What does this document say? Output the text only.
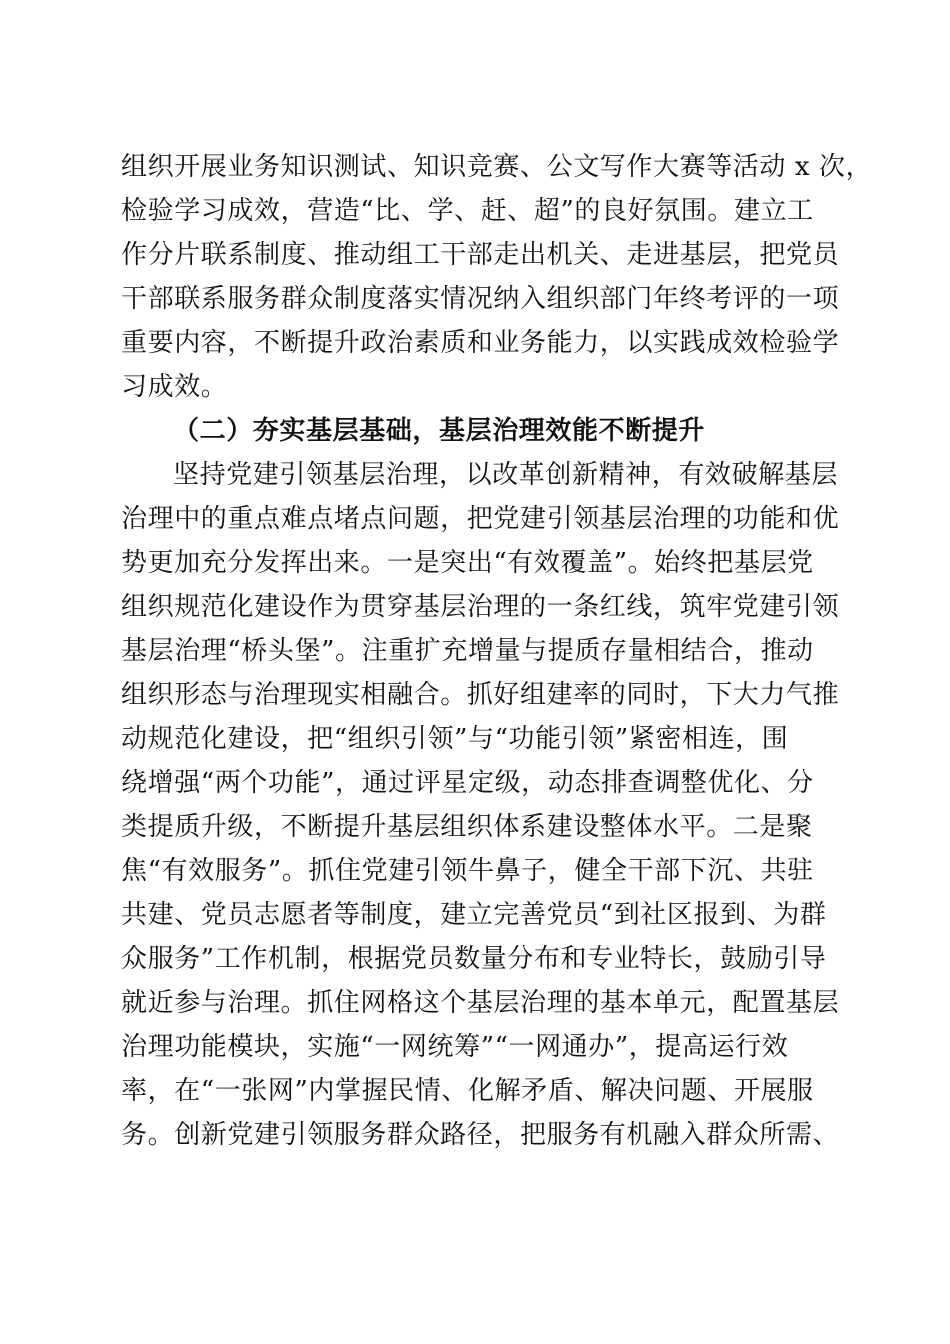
组织开展业务知识测试、知识竞赛、公文写作大赛等活动 x 次，
检验学习成效，营造“比、学、赶、超”的良好氛围。建立工
作分片联系制度、推动组工干部走出机关、走进基层，把党员
干部联系服务群众制度落实情况纳入组织部门年终考评的一项
重要内容，不断提升政治素质和业务能力，以实践成效检验学
习成效。
（二）夯实基层基础，基层治理效能不断提升
坚持党建引领基层治理，以改革创新精神，有效破解基层
治理中的重点难点堵点问题，把党建引领基层治理的功能和优
势更加充分发挥出来。一是突出“有效覆盖”。始终把基层党
组织规范化建设作为贯穿基层治理的一条红线，筑牢党建引领
基层治理“桥头堡”。注重扩充增量与提质存量相结合，推动
组织形态与治理现实相融合。抓好组建率的同时，下大力气推
动规范化建设，把“组织引领”与“功能引领”紧密相连，围
绕增强“两个功能”，通过评星定级，动态排查调整优化、分
类提质升级，不断提升基层组织体系建设整体水平。二是聚
焦“有效服务”。抓住党建引领牛鼻子，健全干部下沉、共驻
共建、党员志愿者等制度，建立完善党员“到社区报到、为群
众服务”工作机制，根据党员数量分布和专业特长，鼓励引导
就近参与治理。抓住网格这个基层治理的基本单元，配置基层
治理功能模块，实施“一网统筹”“一网通办”，提高运行效
率，在“一张网”内掌握民情、化解矛盾、解决问题、开展服
务。创新党建引领服务群众路径，把服务有机融入群众所需、
